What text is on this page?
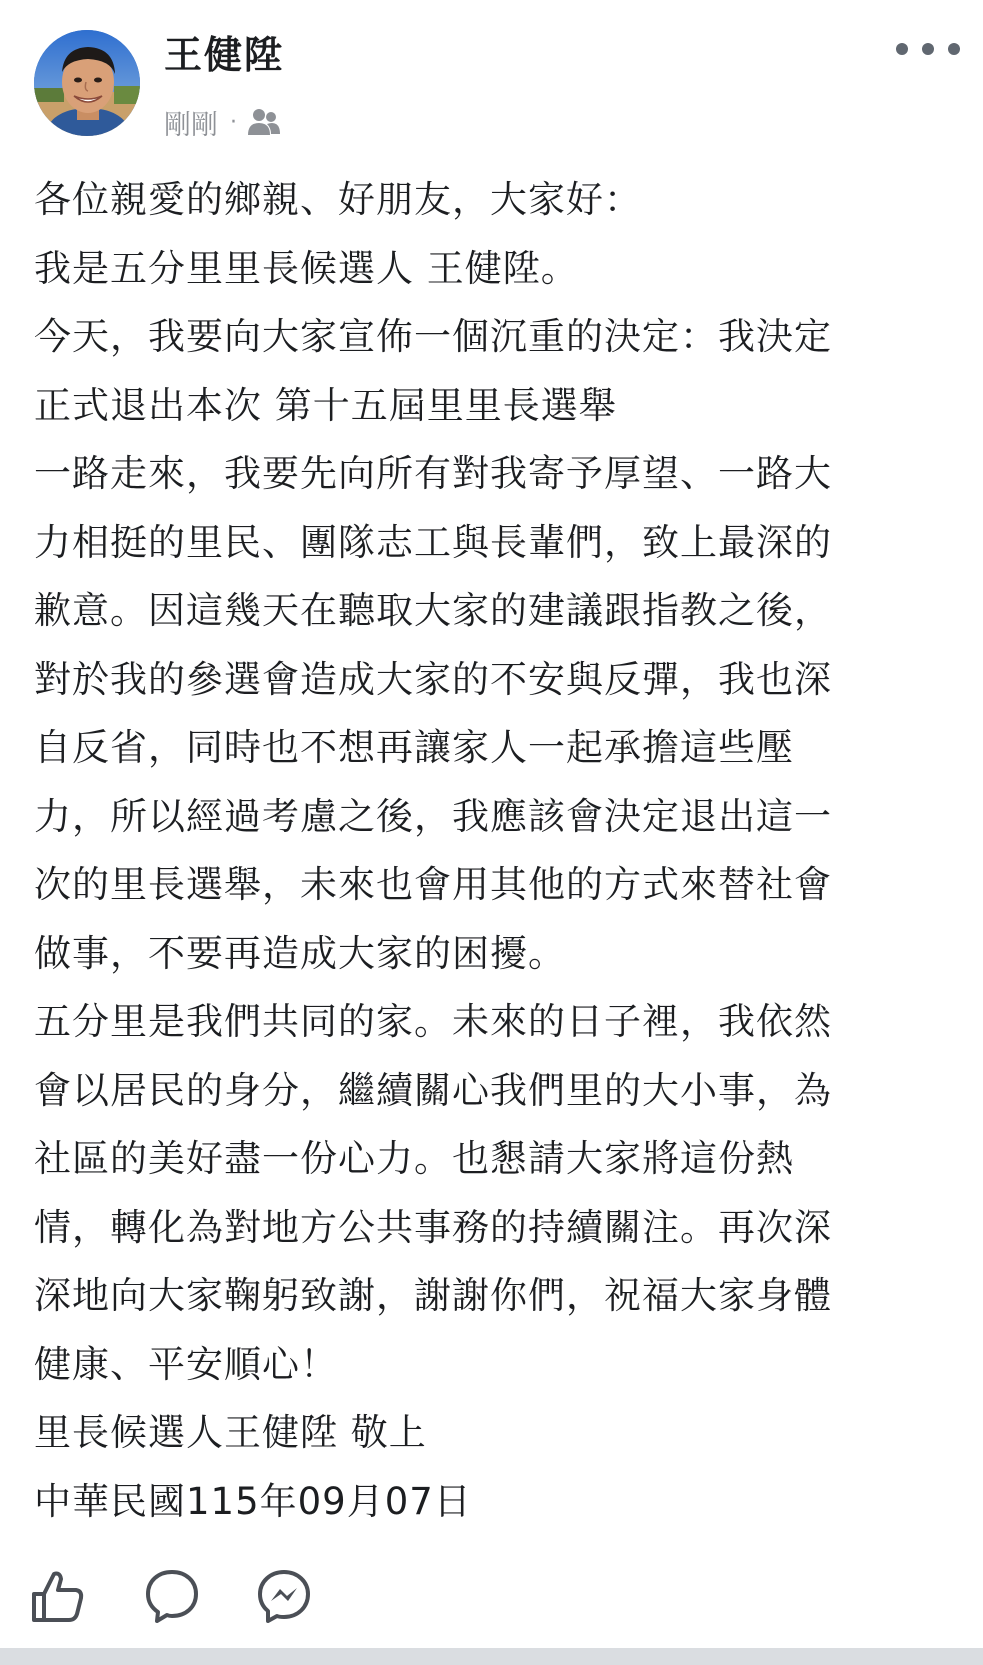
王健陞
剛剛 ·
各位親愛的鄉親、好朋友，大家好：
我是五分里里長候選人 王健陞。
今天，我要向大家宣佈一個沉重的決定：我決定
正式退出本次 第十五屆里里長選舉
一路走來，我要先向所有對我寄予厚望、一路大
力相挺的里民、團隊志工與長輩們，致上最深的
歉意。因這幾天在聽取大家的建議跟指教之後，
對於我的參選會造成大家的不安與反彈，我也深
自反省，同時也不想再讓家人一起承擔這些壓
力，所以經過考慮之後，我應該會決定退出這一
次的里長選舉，未來也會用其他的方式來替社會
做事，不要再造成大家的困擾。
五分里是我們共同的家。未來的日子裡，我依然
會以居民的身分，繼續關心我們里的大小事，為
社區的美好盡一份心力。也懇請大家將這份熱
情，轉化為對地方公共事務的持續關注。再次深
深地向大家鞠躬致謝，謝謝你們，祝福大家身體
健康、平安順心！
里長候選人王健陞 敬上
中華民國115年09月07日
